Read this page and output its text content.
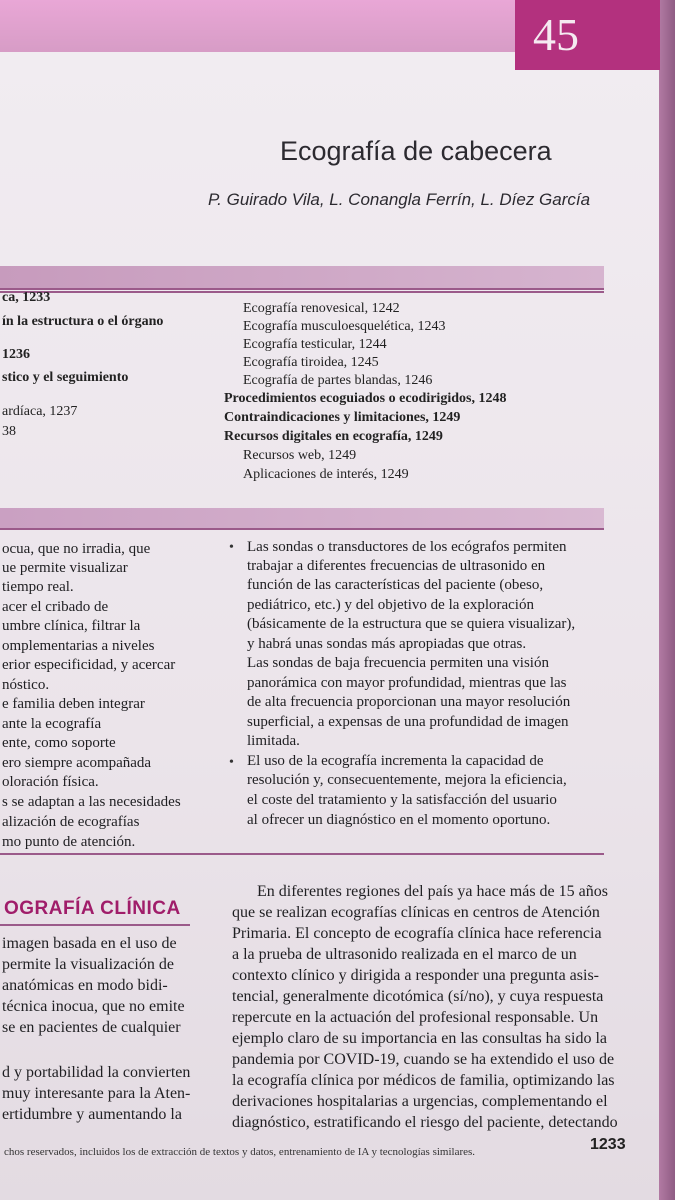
45
Ecografía de cabecera
P. Guirado Vila, L. Conangla Ferrín, L. Díez García
ca, 1233
ín la estructura o el órgano
1236
stico y el seguimiento
ardíaca, 1237
38
Ecografía renovesical, 1242
Ecografía musculoesquelética, 1243
Ecografía testicular, 1244
Ecografía tiroidea, 1245
Ecografía de partes blandas, 1246
Procedimientos ecoguiados o ecodirigidos, 1248
Contraindicaciones y limitaciones, 1249
Recursos digitales en ecografía, 1249
Recursos web, 1249
Aplicaciones de interés, 1249
ocua, que no irradia, que
ue permite visualizar
tiempo real.
acer el cribado de
umbre clínica, filtrar la
omplementarias a niveles
erior especificidad, y acercar
nóstico.
e familia deben integrar
ante la ecografía
ente, como soporte
ero siempre acompañada
oloración física.
s se adaptan a las necesidades
alización de ecografías
mo punto de atención.
• Las sondas o transductores de los ecógrafos permiten
trabajar a diferentes frecuencias de ultrasonido en
función de las características del paciente (obeso,
pediátrico, etc.) y del objetivo de la exploración
(básicamente de la estructura que se quiera visualizar),
y habrá unas sondas más apropiadas que otras.
Las sondas de baja frecuencia permiten una visión
panorámica con mayor profundidad, mientras que las
de alta frecuencia proporcionan una mayor resolución
superficial, a expensas de una profundidad de imagen
limitada.
• El uso de la ecografía incrementa la capacidad de
resolución y, consecuentemente, mejora la eficiencia,
el coste del tratamiento y la satisfacción del usuario
al ofrecer un diagnóstico en el momento oportuno.
OGRAFÍA CLÍNICA
imagen basada en el uso de
permite la visualización de
anatómicas en modo bidi-
técnica inocua, que no emite
se en pacientes de cualquier
d y portabilidad la convierten
muy interesante para la Aten-
ertidumbre y aumentando la
En diferentes regiones del país ya hace más de 15 años
que se realizan ecografías clínicas en centros de Atención
Primaria. El concepto de ecografía clínica hace referencia
a la prueba de ultrasonido realizada en el marco de un
contexto clínico y dirigida a responder una pregunta asis-
tencial, generalmente dicotómica (sí/no), y cuya respuesta
repercute en la actuación del profesional responsable. Un
ejemplo claro de su importancia en las consultas ha sido la
pandemia por COVID-19, cuando se ha extendido el uso de
la ecografía clínica por médicos de familia, optimizando las
derivaciones hospitalarias a urgencias, complementando el
diagnóstico, estratificando el riesgo del paciente, detectando
chos reservados, incluidos los de extracción de textos y datos, entrenamiento de IA y tecnologías similares.	1233
